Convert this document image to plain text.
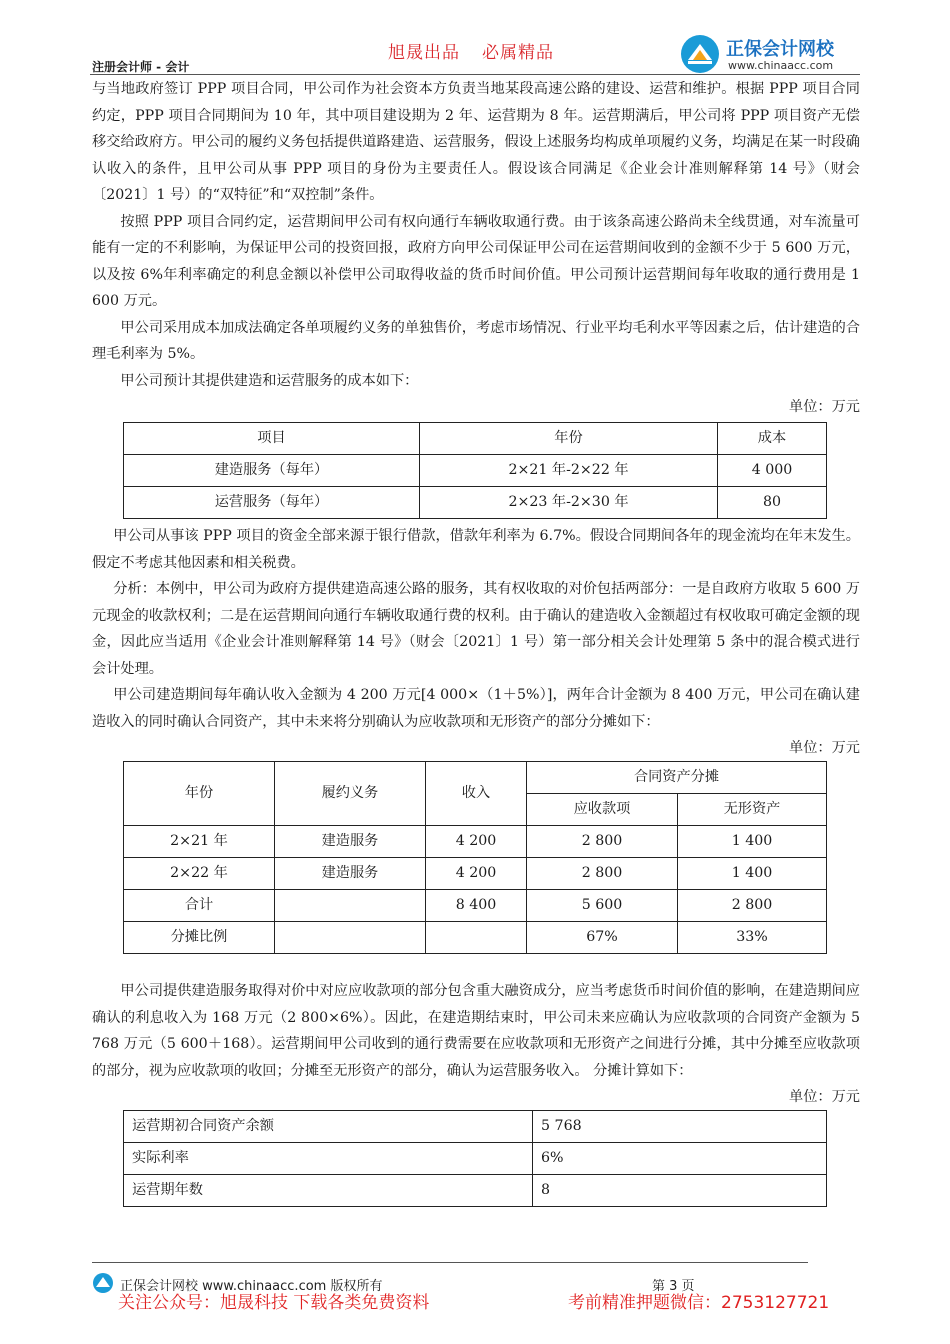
注册会计师 - 会计
旭晟出品 必属精品	正保会计网校
www.chinaacc.com

与当地政府签订 PPP 项目合同，甲公司作为社会资本方负责当地某段高速公路的建设、运营和维护。根据 PPP 项目合同约定，PPP 项目合同期间为 10 年，其中项目建设期为 2 年、运营期为 8 年。运营期满后，甲公司将 PPP 项目资产无偿移交给政府方。甲公司的履约义务包括提供道路建造、运营服务，假设上述服务均构成单项履约义务，均满足在某一时段确认收入的条件，且甲公司从事 PPP 项目的身份为主要责任人。假设该合同满足《企业会计准则解释第 14 号》（财会〔2021〕1 号）的“双特征”和“双控制”条件。

按照 PPP 项目合同约定，运营期间甲公司有权向通行车辆收取通行费。由于该条高速公路尚未全线贯通，对车流量可能有一定的不利影响，为保证甲公司的投资回报，政府方向甲公司保证甲公司在运营期间收到的金额不少于 5 600 万元，以及按 6%年利率确定的利息金额以补偿甲公司取得收益的货币时间价值。甲公司预计运营期间每年收取的通行费用是 1 600 万元。

甲公司采用成本加成法确定各单项履约义务的单独售价，考虑市场情况、行业平均毛利水平等因素之后，估计建造的合理毛利率为 5%。

甲公司预计其提供建造和运营服务的成本如下：

单位：万元
项目	年份	成本
建造服务（每年）	2×21 年-2×22 年	4 000
运营服务（每年）	2×23 年-2×30 年	80

甲公司从事该 PPP 项目的资金全部来源于银行借款，借款年利率为 6.7%。假设合同期间各年的现金流均在年末发生。假定不考虑其他因素和相关税费。

分析：本例中，甲公司为政府方提供建造高速公路的服务，其有权收取的对价包括两部分：一是自政府方收取 5 600 万元现金的收款权利；二是在运营期间向通行车辆收取通行费的权利。由于确认的建造收入金额超过有权收取可确定金额的现金，因此应当适用《企业会计准则解释第 14 号》（财会〔2021〕1 号）第一部分相关会计处理第 5 条中的混合模式进行会计处理。

甲公司建造期间每年确认收入金额为 4 200 万元[4 000×（1＋5%）]，两年合计金额为 8 400 万元，甲公司在确认建造收入的同时确认合同资产，其中未来将分别确认为应收款项和无形资产的部分分摊如下：

单位：万元
年份	履约义务	收入	合同资产分摊	
			应收款项	无形资产
2×21 年	建造服务	4 200	2 800	1 400
2×22 年	建造服务	4 200	2 800	1 400
合计		8 400	5 600	2 800
分摊比例			67%	33%

甲公司提供建造服务取得对价中对应应收款项的部分包含重大融资成分，应当考虑货币时间价值的影响，在建造期间应确认的利息收入为 168 万元（2 800×6%）。因此，在建造期结束时，甲公司未来应确认为应收款项的合同资产金额为 5 768 万元（5 600＋168）。运营期间甲公司收到的通行费需要在应收款项和无形资产之间进行分摊，其中分摊至应收款项的部分，视为应收款项的收回；分摊至无形资产的部分，确认为运营服务收入。 分摊计算如下：

单位：万元
运营期初合同资产余额	5 768
实际利率	6%
运营期年数	8
正保会计网校 www.chinaacc.com 版权所有	第 3 页
关注公众号：旭晟科技 下载各类免费资料	考前精准押题微信：2753127721
